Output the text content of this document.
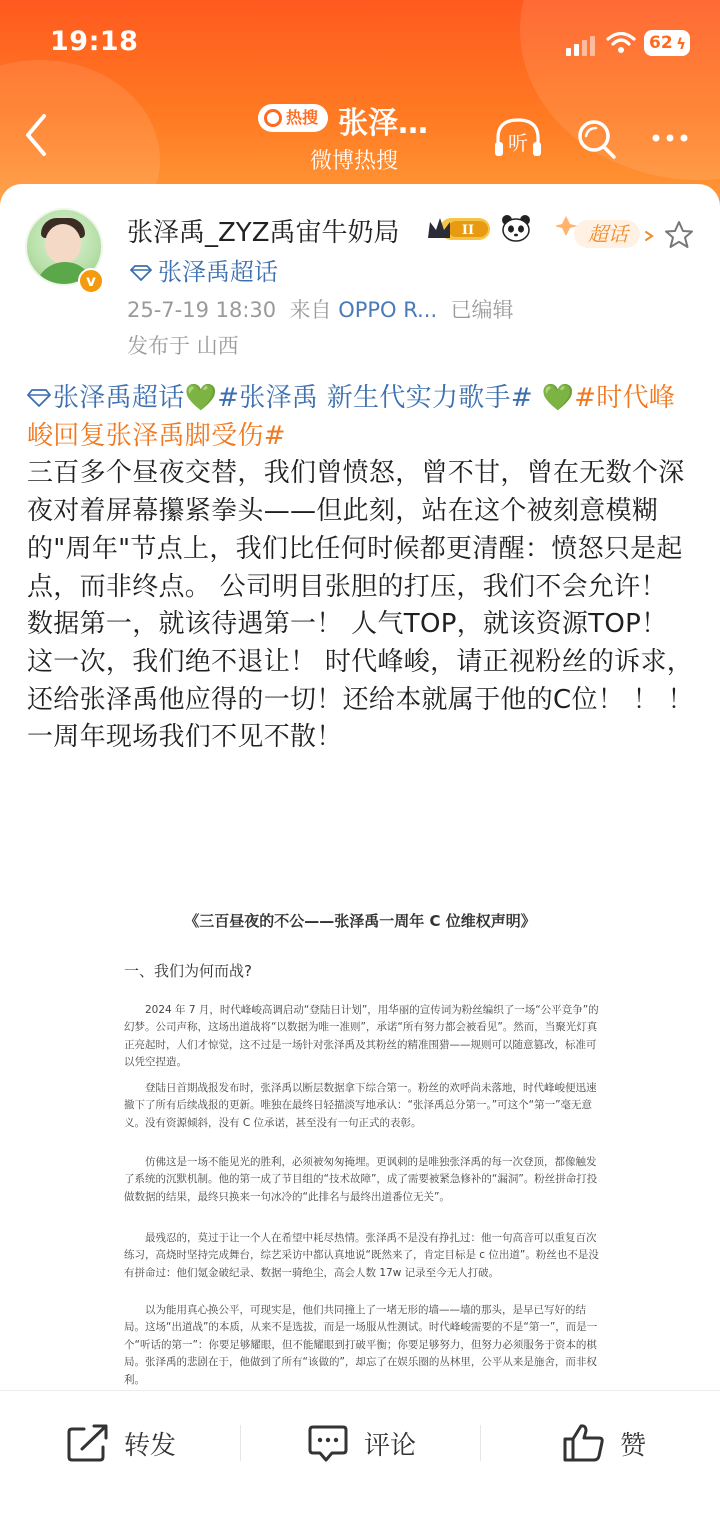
19:18	62 ϟ
热搜 张泽…
微博热搜
听
v
张泽禹_ZYZ禹宙牛奶局	II
张泽禹超话
25-7-19 18:30 来自 OPPO R... 已编辑
发布于 山西
超话
张泽禹超话💚#张泽禹 新生代实力歌手# 💚#时代峰峻回复张泽禹脚受伤#
三百多个昼夜交替，我们曾愤怒，曾不甘，曾在无数个深夜对着屏幕攥紧拳头——但此刻，站在这个被刻意模糊的"周年"节点上，我们比任何时候都更清醒：愤怒只是起点，而非终点。 公司明目张胆的打压，我们不会允许！ 数据第一，就该待遇第一！ 人气TOP，就该资源TOP！ 这一次，我们绝不退让！ 时代峰峻，请正视粉丝的诉求，还给张泽禹他应得的一切！还给本就属于他的C位！ ！ ！ 一周年现场我们不见不散！
《三百昼夜的不公——张泽禹一周年 C 位维权声明》
一、我们为何而战?
2024 年 7 月，时代峰峻高调启动“登陆日计划”，用华丽的宣传词为粉丝编织了一场“公平竞争”的幻梦。公司声称，这场出道战将“以数据为唯一准则”，承诺“所有努力都会被看见”。然而，当聚光灯真正亮起时，人们才惊觉，这不过是一场针对张泽禹及其粉丝的精准围猎——规则可以随意篡改，标准可以凭空捏造。
登陆日首期战报发布时，张泽禹以断层数据拿下综合第一。粉丝的欢呼尚未落地，时代峰峻便迅速撤下了所有后续战报的更新。唯独在最终日轻描淡写地承认：“张泽禹总分第一。”可这个“第一”毫无意义。没有资源倾斜，没有 C 位承诺，甚至没有一句正式的表彰。
仿佛这是一场不能见光的胜利，必须被匆匆掩埋。更讽刺的是唯独张泽禹的每一次登顶，都像触发了系统的沉默机制。他的第一成了节目组的“技术故障”，成了需要被紧急修补的“漏洞”。粉丝拼命打投做数据的结果，最终只换来一句冰冷的“此排名与最终出道番位无关”。
最残忍的，莫过于让一个人在希望中耗尽热情。张泽禹不是没有挣扎过：他一句高音可以重复百次练习，高烧时坚持完成舞台，综艺采访中都认真地说“既然来了，肯定目标是 c 位出道”。粉丝也不是没有拼命过：他们氪金破纪录、数据一骑绝尘，高会人数 17w 记录至今无人打破。
以为能用真心换公平，可现实是，他们共同撞上了一堵无形的墙——墙的那头，是早已写好的结局。这场“出道战”的本质，从来不是选拔，而是一场服从性测试。时代峰峻需要的不是“第一”，而是一个“听话的第一”：你要足够耀眼，但不能耀眼到打破平衡；你要足够努力，但努力必须服务于资本的棋局。张泽禹的悲剧在于，他做到了所有“该做的”，却忘了在娱乐圈的丛林里，公平从来是施舍，而非权利。
转发	评论	赞
